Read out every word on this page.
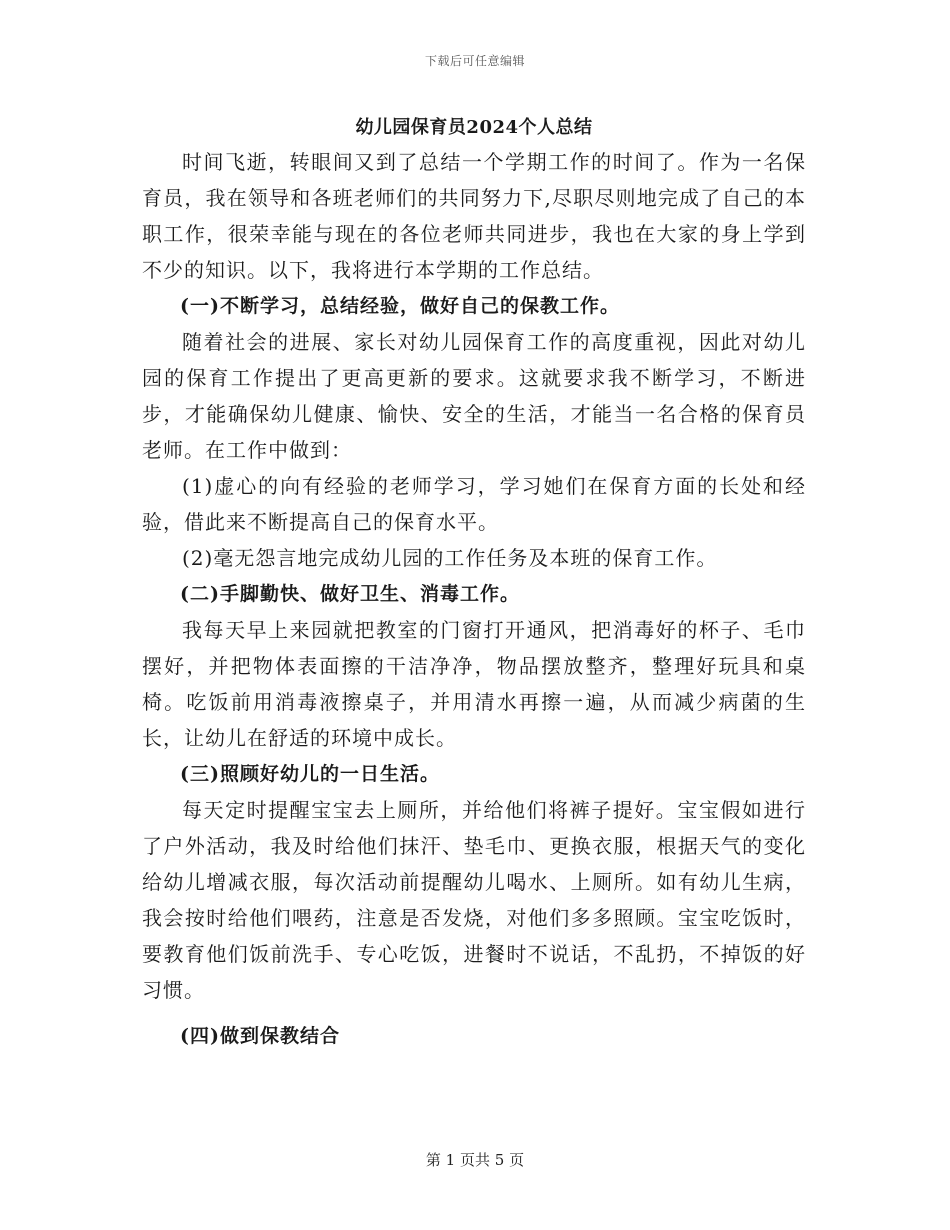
下载后可任意编辑
幼儿园保育员2024个人总结

时间飞逝，转眼间又到了总结一个学期工作的时间了。作为一名保育员，我在领导和各班老师们的共同努力下,尽职尽则地完成了自己的本职工作，很荣幸能与现在的各位老师共同进步，我也在大家的身上学到不少的知识。以下，我将进行本学期的工作总结。

(一)不断学习，总结经验，做好自己的保教工作。

随着社会的进展、家长对幼儿园保育工作的高度重视，因此对幼儿园的保育工作提出了更高更新的要求。这就要求我不断学习，不断进步，才能确保幼儿健康、愉快、安全的生活，才能当一名合格的保育员老师。在工作中做到：

(1)虚心的向有经验的老师学习，学习她们在保育方面的长处和经验，借此来不断提高自己的保育水平。

(2)毫无怨言地完成幼儿园的工作任务及本班的保育工作。

(二)手脚勤快、做好卫生、消毒工作。

我每天早上来园就把教室的门窗打开通风，把消毒好的杯子、毛巾摆好，并把物体表面擦的干洁净净，物品摆放整齐，整理好玩具和桌椅。吃饭前用消毒液擦桌子，并用清水再擦一遍，从而减少病菌的生长，让幼儿在舒适的环境中成长。

(三)照顾好幼儿的一日生活。

每天定时提醒宝宝去上厕所，并给他们将裤子提好。宝宝假如进行了户外活动，我及时给他们抹汗、垫毛巾、更换衣服，根据天气的变化给幼儿增减衣服，每次活动前提醒幼儿喝水、上厕所。如有幼儿生病，我会按时给他们喂药，注意是否发烧，对他们多多照顾。宝宝吃饭时，要教育他们饭前洗手、专心吃饭，进餐时不说话，不乱扔，不掉饭的好习惯。

(四)做到保教结合

第 1 页共 5 页
